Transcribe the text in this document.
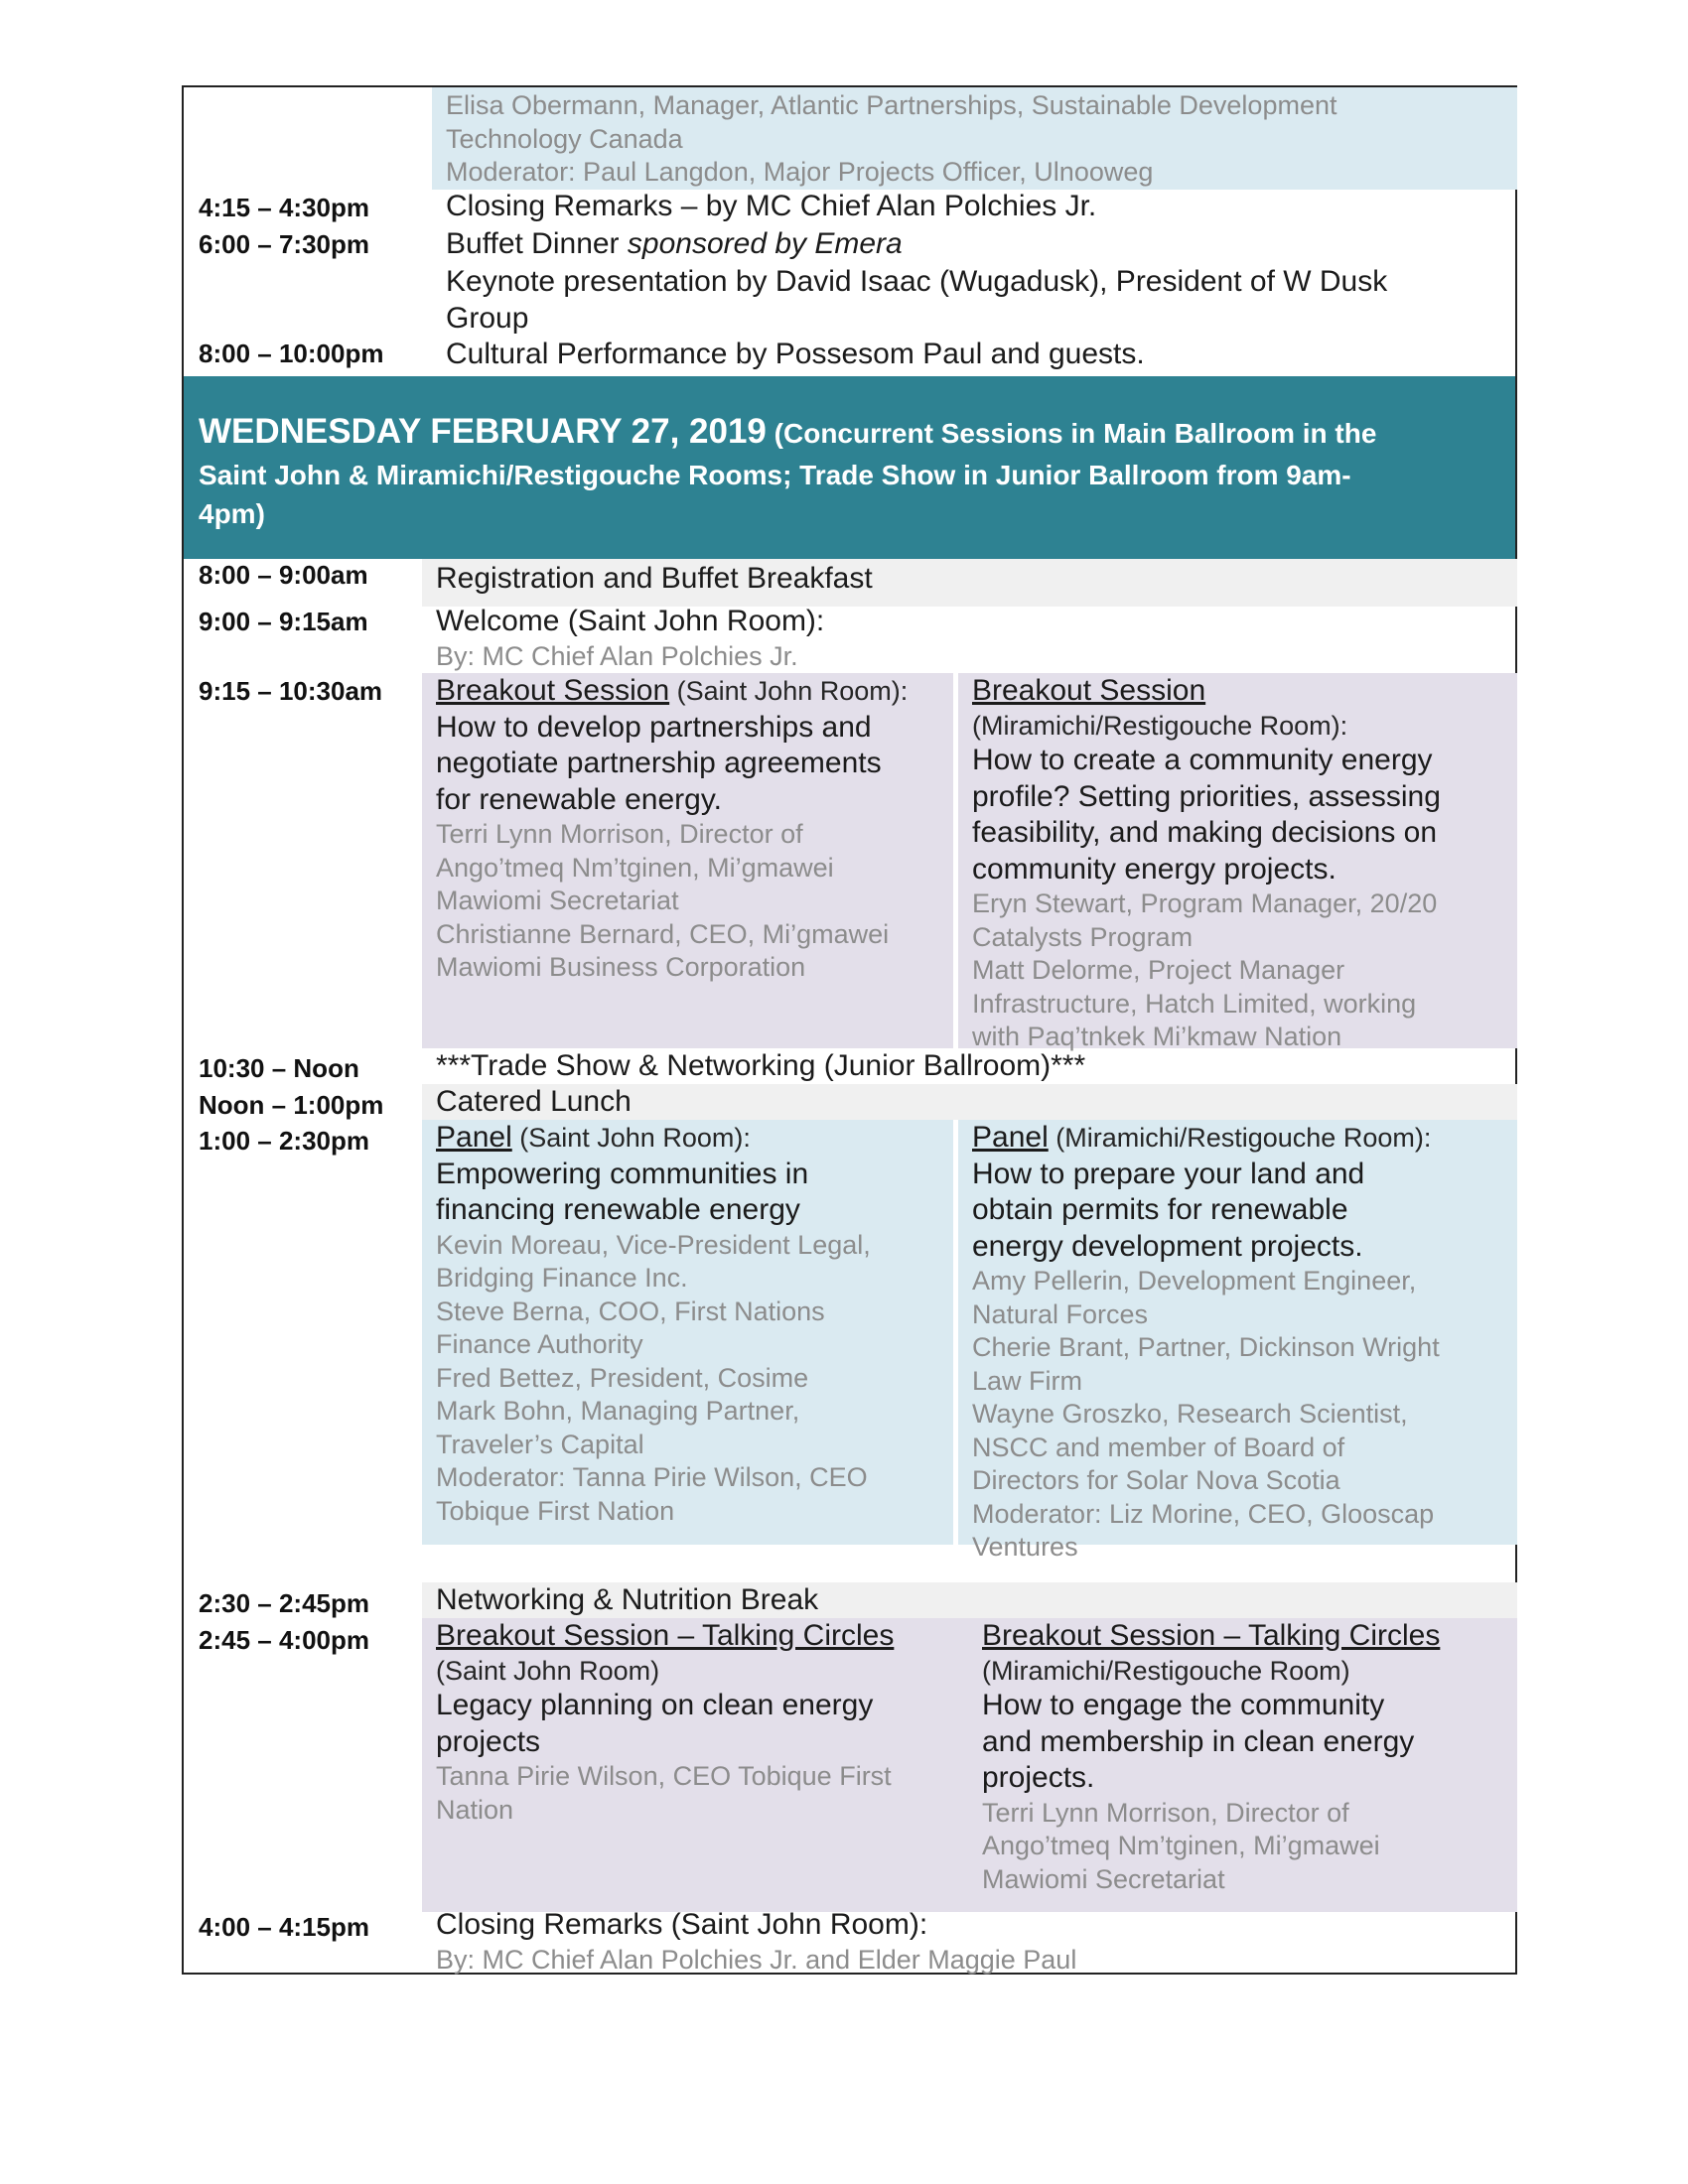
Elisa Obermann, Manager, Atlantic Partnerships, Sustainable Development
Technology Canada
Moderator: Paul Langdon, Major Projects Officer, Ulnooweg
4:15 – 4:30pm	Closing Remarks – by MC Chief Alan Polchies Jr.
6:00 – 7:30pm	Buffet Dinner sponsored by Emera
Keynote presentation by David Isaac (Wugadusk), President of W Dusk
Group
8:00 – 10:00pm Cultural Performance by Possesom Paul and guests.
WEDNESDAY FEBRUARY 27, 2019 (Concurrent Sessions in Main Ballroom in the
Saint John & Miramichi/Restigouche Rooms; Trade Show in Junior Ballroom from 9am-
4pm)
8:00 – 9:00am Registration and Buffet Breakfast
9:00 – 9:15am Welcome (Saint John Room):
By: MC Chief Alan Polchies Jr.
9:15 – 10:30am Breakout Session (Saint John Room):
How to develop partnerships and
negotiate partnership agreements
for renewable energy.
Terri Lynn Morrison, Director of
Ango’tmeq Nm’tginen, Mi’gmawei
Mawiomi Secretariat
Christianne Bernard, CEO, Mi’gmawei
Mawiomi Business Corporation
Breakout Session
(Miramichi/Restigouche Room):
How to create a community energy
profile? Setting priorities, assessing
feasibility, and making decisions on
community energy projects.
Eryn Stewart, Program Manager, 20/20
Catalysts Program
Matt Delorme, Project Manager
Infrastructure, Hatch Limited, working
with Paq’tnkek Mi’kmaw Nation
10:30 – Noon	***Trade Show & Networking (Junior Ballroom)***
Noon – 1:00pm Catered Lunch
1:00 – 2:30pm Panel (Saint John Room):
Empowering communities in
financing renewable energy
Kevin Moreau, Vice-President Legal,
Bridging Finance Inc.
Steve Berna, COO, First Nations
Finance Authority
Fred Bettez, President, Cosime
Mark Bohn, Managing Partner,
Traveler’s Capital
Moderator: Tanna Pirie Wilson, CEO
Tobique First Nation
Panel (Miramichi/Restigouche Room):
How to prepare your land and
obtain permits for renewable
energy development projects.
Amy Pellerin, Development Engineer,
Natural Forces
Cherie Brant, Partner, Dickinson Wright
Law Firm
Wayne Groszko, Research Scientist,
NSCC and member of Board of
Directors for Solar Nova Scotia
Moderator: Liz Morine, CEO, Glooscap
Ventures
2:30 – 2:45pm Networking & Nutrition Break
2:45 – 4:00pm Breakout Session – Talking Circles
(Saint John Room)
Legacy planning on clean energy
projects
Tanna Pirie Wilson, CEO Tobique First
Nation
Breakout Session – Talking Circles
(Miramichi/Restigouche Room)
How to engage the community
and membership in clean energy
projects.
Terri Lynn Morrison, Director of
Ango’tmeq Nm’tginen, Mi’gmawei
Mawiomi Secretariat
4:00 – 4:15pm Closing Remarks (Saint John Room):
By: MC Chief Alan Polchies Jr. and Elder Maggie Paul
